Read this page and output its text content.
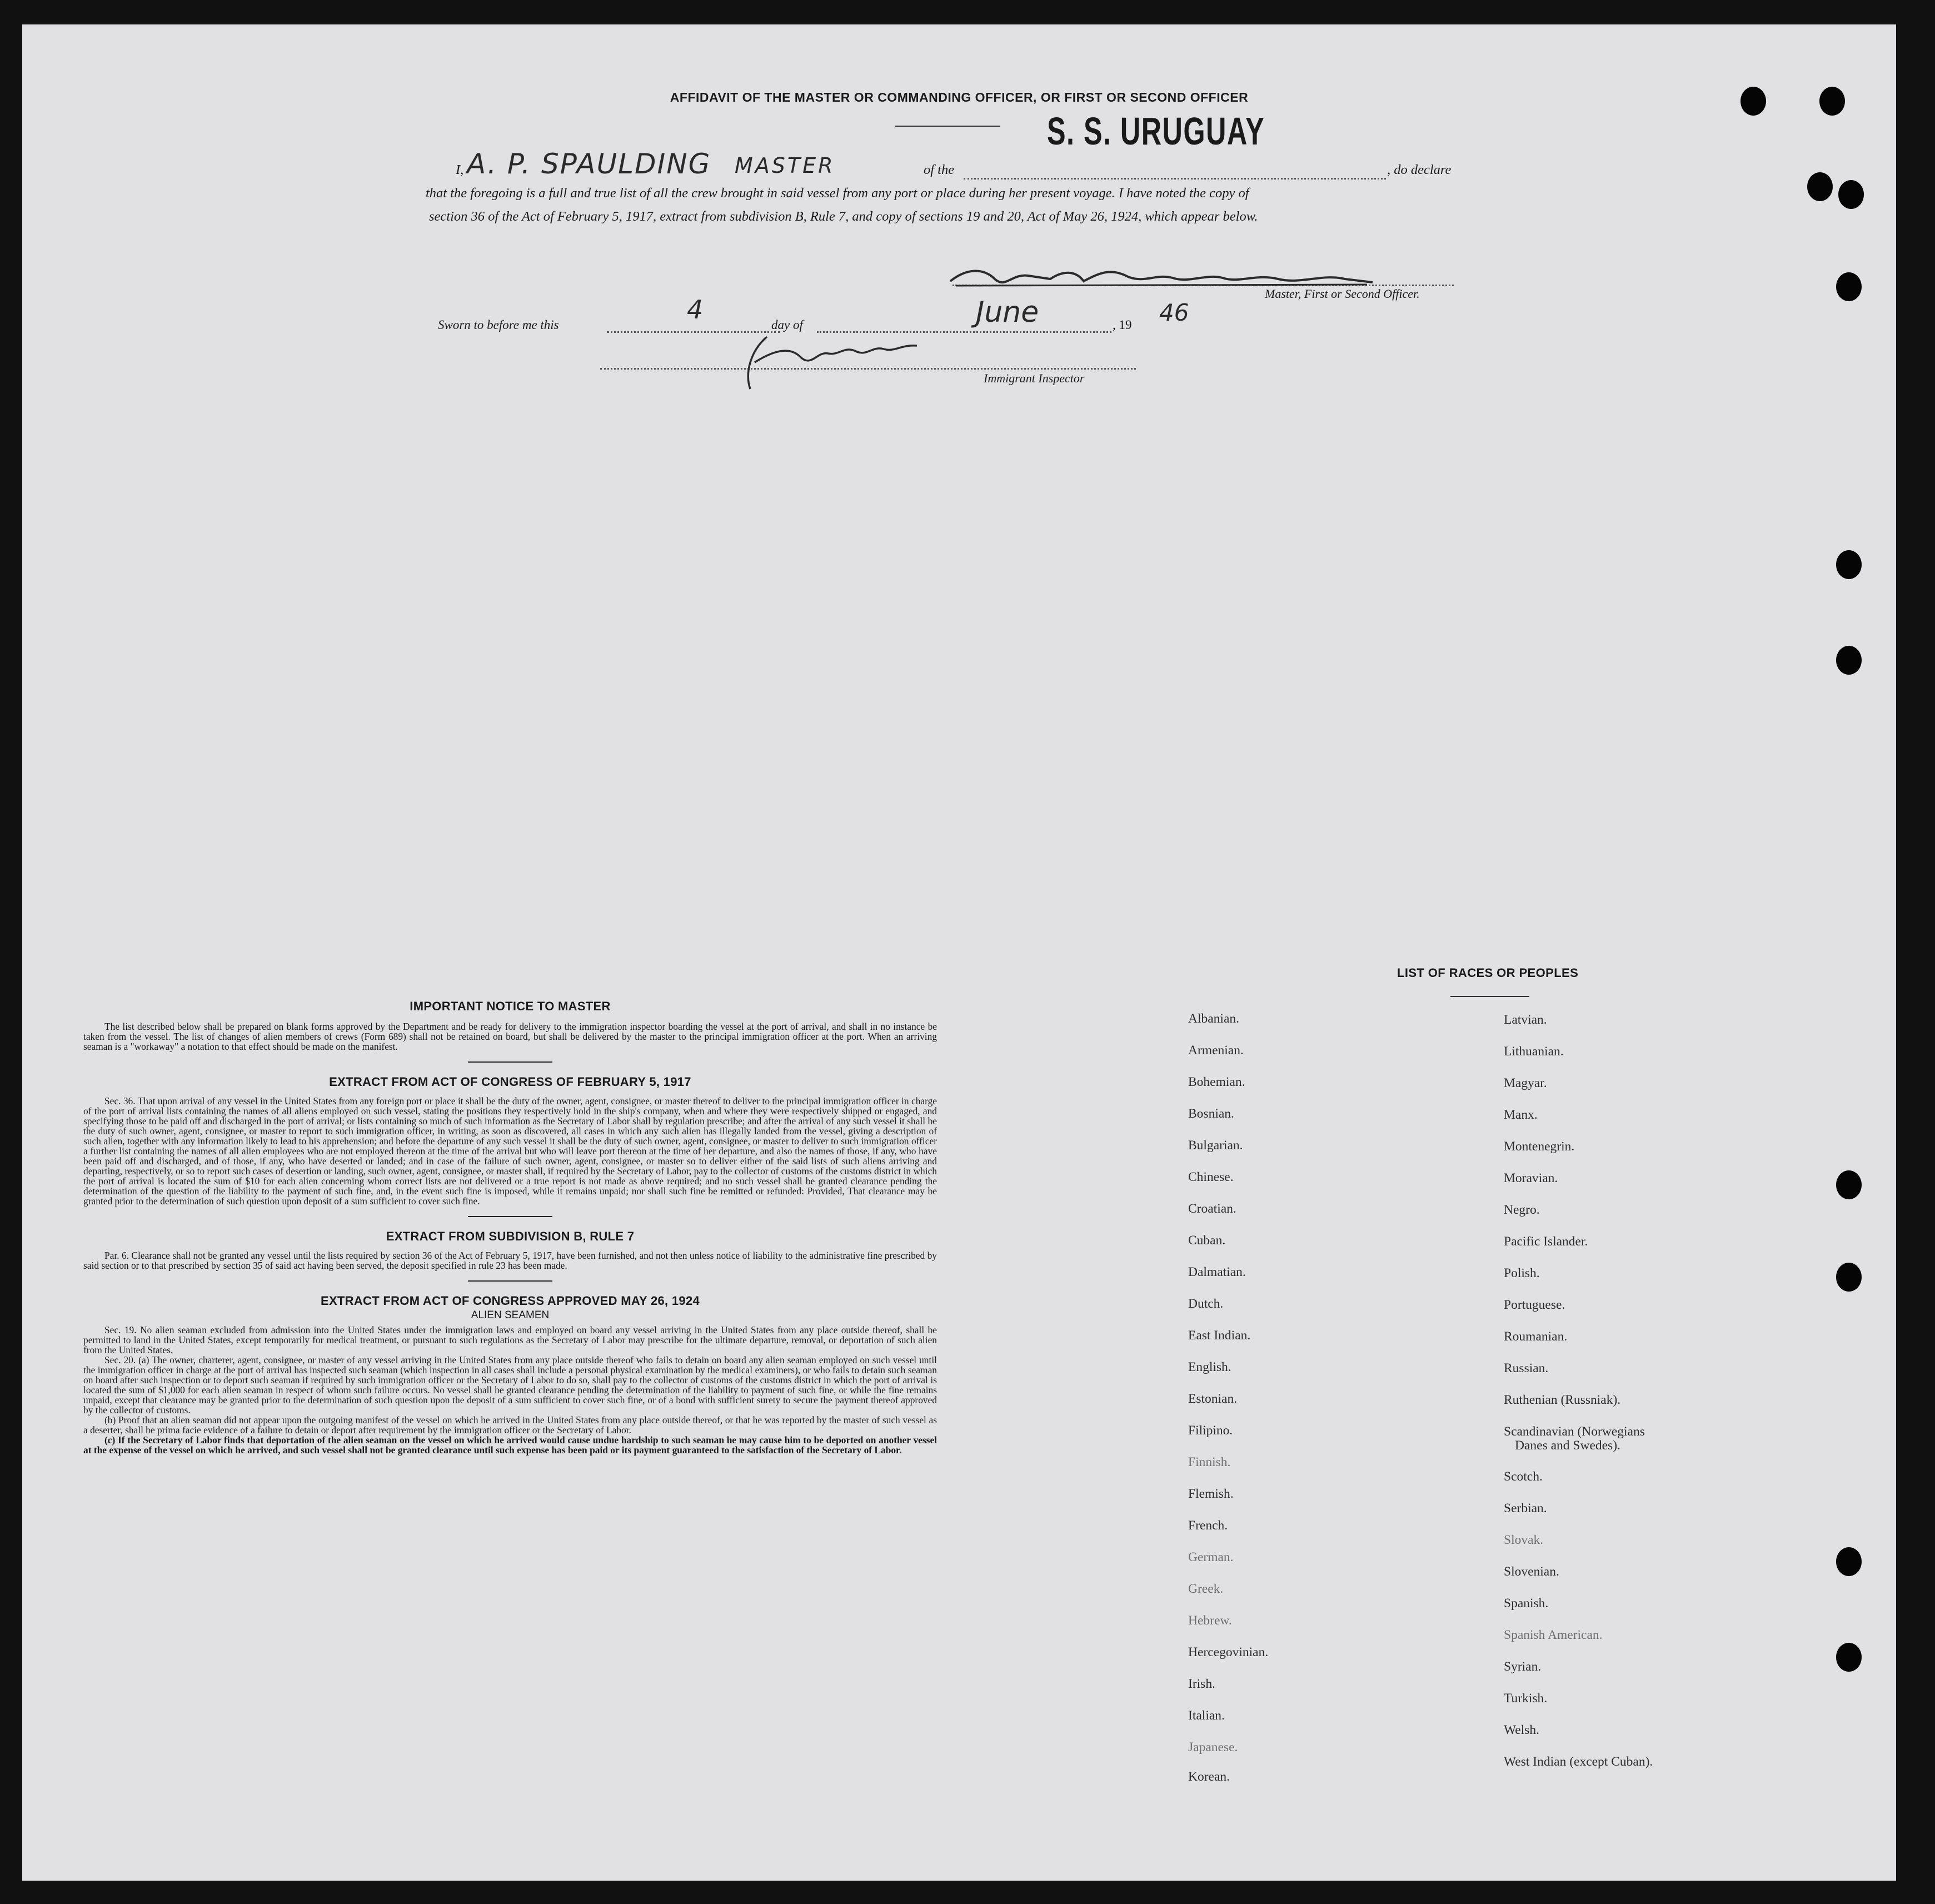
AFFIDAVIT OF THE MASTER OR COMMANDING OFFICER, OR FIRST OR SECOND OFFICER
S. S. URUGUAY
I, A. P. SPAULDING MASTER	of the	, do declare
that the foregoing is a full and true list of all the crew brought in said vessel from any port or place during her present voyage. I have noted the copy of
section 36 of the Act of February 5, 1917, extract from subdivision B, Rule 7, and copy of sections 19 and 20, Act of May 26, 1924, which appear below.
Master, First or Second Officer.
Sworn to before me this
4
day of	June	, 19 46
Immigrant Inspector
IMPORTANT NOTICE TO MASTER

The list described below shall be prepared on blank forms approved by the Department and be ready for delivery to the immigration inspector boarding the vessel at the port of arrival, and shall in no instance be taken from the vessel. The list of changes of alien members of crews (Form 689) shall not be retained on board, but shall be delivered by the master to the principal immigration officer at the port. When an arriving seaman is a "workaway" a notation to that effect should be made on the manifest.

EXTRACT FROM ACT OF CONGRESS OF FEBRUARY 5, 1917

Sec. 36. That upon arrival of any vessel in the United States from any foreign port or place it shall be the duty of the owner, agent, consignee, or master thereof to deliver to the principal immigration officer in charge of the port of arrival lists containing the names of all aliens employed on such vessel, stating the positions they respectively hold in the ship's company, when and where they were respectively shipped or engaged, and specifying those to be paid off and discharged in the port of arrival; or lists containing so much of such information as the Secretary of Labor shall by regulation prescribe; and after the arrival of any such vessel it shall be the duty of such owner, agent, consignee, or master to report to such immigration officer, in writing, as soon as discovered, all cases in which any such alien has illegally landed from the vessel, giving a description of such alien, together with any information likely to lead to his apprehension; and before the departure of any such vessel it shall be the duty of such owner, agent, consignee, or master to deliver to such immigration officer a further list containing the names of all alien employees who are not employed thereon at the time of the arrival but who will leave port thereon at the time of her departure, and also the names of those, if any, who have been paid off and discharged, and of those, if any, who have deserted or landed; and in case of the failure of such owner, agent, consignee, or master so to deliver either of the said lists of such aliens arriving and departing, respectively, or so to report such cases of desertion or landing, such owner, agent, consignee, or master shall, if required by the Secretary of Labor, pay to the collector of customs of the customs district in which the port of arrival is located the sum of $10 for each alien concerning whom correct lists are not delivered or a true report is not made as above required; and no such vessel shall be granted clearance pending the determination of the question of the liability to the payment of such fine, and, in the event such fine is imposed, while it remains unpaid; nor shall such fine be remitted or refunded: Provided, That clearance may be granted prior to the determination of such question upon deposit of a sum sufficient to cover such fine.

EXTRACT FROM SUBDIVISION B, RULE 7

Par. 6. Clearance shall not be granted any vessel until the lists required by section 36 of the Act of February 5, 1917, have been furnished, and not then unless notice of liability to the administrative fine prescribed by said section or to that prescribed by section 35 of said act having been served, the deposit specified in rule 23 has been made.

EXTRACT FROM ACT OF CONGRESS APPROVED MAY 26, 1924
ALIEN SEAMEN

Sec. 19. No alien seaman excluded from admission into the United States under the immigration laws and employed on board any vessel arriving in the United States from any place outside thereof, shall be permitted to land in the United States, except temporarily for medical treatment, or pursuant to such regulations as the Secretary of Labor may prescribe for the ultimate departure, removal, or deportation of such alien from the United States.

Sec. 20. (a) The owner, charterer, agent, consignee, or master of any vessel arriving in the United States from any place outside thereof who fails to detain on board any alien seaman employed on such vessel until the immigration officer in charge at the port of arrival has inspected such seaman (which inspection in all cases shall include a personal physical examination by the medical examiners), or who fails to detain such seaman on board after such inspection or to deport such seaman if required by such immigration officer or the Secretary of Labor to do so, shall pay to the collector of customs of the customs district in which the port of arrival is located the sum of $1,000 for each alien seaman in respect of whom such failure occurs. No vessel shall be granted clearance pending the determination of the liability to payment of such fine, or while the fine remains unpaid, except that clearance may be granted prior to the determination of such question upon the deposit of a sum sufficient to cover such fine, or of a bond with sufficient surety to secure the payment thereof approved by the collector of customs.

(b) Proof that an alien seaman did not appear upon the outgoing manifest of the vessel on which he arrived in the United States from any place outside thereof, or that he was reported by the master of such vessel as a deserter, shall be prima facie evidence of a failure to detain or deport after requirement by the immigration officer or the Secretary of Labor.

(c) If the Secretary of Labor finds that deportation of the alien seaman on the vessel on which he arrived would cause undue hardship to such seaman he may cause him to be deported on another vessel at the expense of the vessel on which he arrived, and such vessel shall not be granted clearance until such expense has been paid or its payment guaranteed to the satisfaction of the Secretary of Labor.

LIST OF RACES OR PEOPLES
Albanian.
Armenian.
Bohemian.
Bosnian.
Bulgarian.
Chinese.
Croatian.
Cuban.
Dalmatian.
Dutch.
East Indian.
English.
Estonian.
Filipino.
Finnish.
Flemish.
French.
German.
Greek.
Hebrew.
Hercegovinian.
Irish.
Italian.
Japanese.
Korean.
Latvian.
Lithuanian.
Magyar.
Manx.
Montenegrin.
Moravian.
Negro.
Pacific Islander.
Polish.
Portuguese.
Roumanian.
Russian.
Ruthenian (Russniak).
Scandinavian (Norwegians
Danes and Swedes).
Scotch.
Serbian.
Slovak.
Slovenian.
Spanish.
Spanish American.
Syrian.
Turkish.
Welsh.
West Indian (except Cuban).
